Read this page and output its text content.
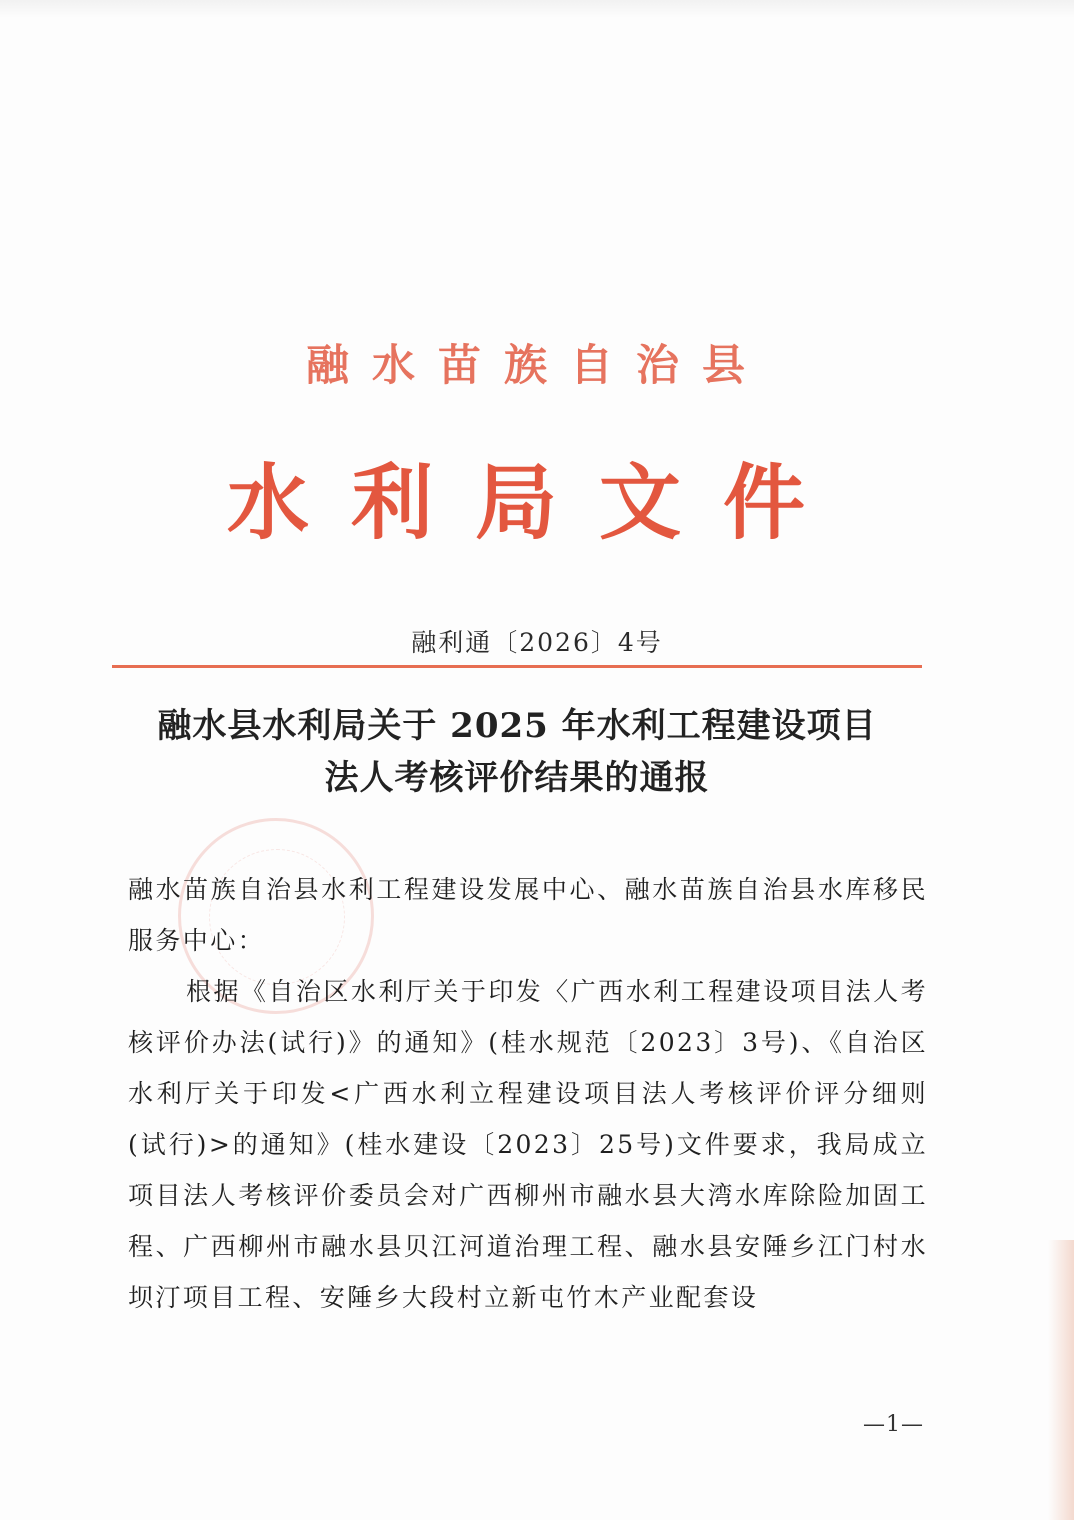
融水苗族自治县
水利局文件
融利通〔2026〕4号
融水县水利局关于 2025 年水利工程建设项目
法人考核评价结果的通报

融水苗族自治县水利工程建设发展中心、融水苗族自治县水库移民服务中心：

根据《自治区水利厅关于印发〈广西水利工程建设项目法人考核评价办法(试行)》的通知》(桂水规范〔2023〕3号)、《自治区水利厅关于印发<广西水利立程建设项目法人考核评价评分细则(试行)>的通知》(桂水建设〔2023〕25号)文件要求，我局成立项目法人考核评价委员会对广西柳州市融水县大湾水库除险加固工程、广西柳州市融水县贝江河道治理工程、融水县安陲乡江门村水坝汀项目工程、安陲乡大段村立新屯竹木产业配套设

—1—
